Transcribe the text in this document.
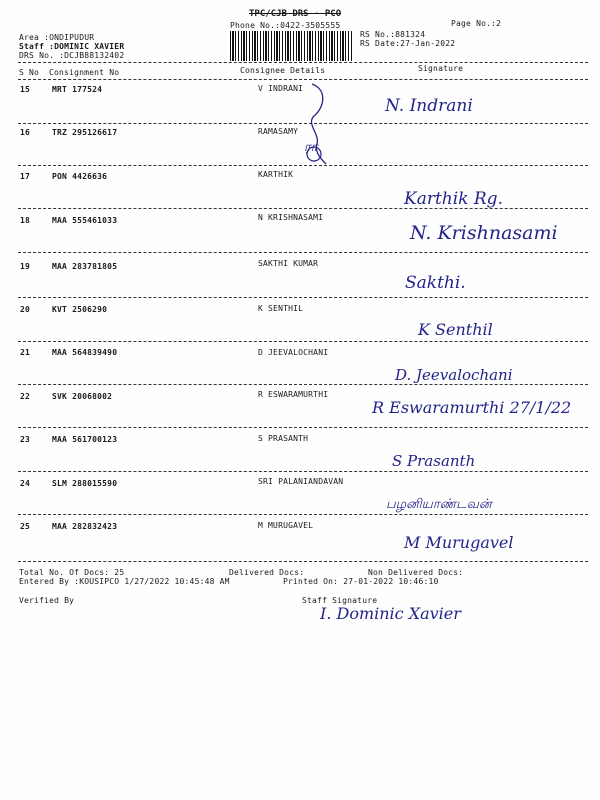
TPC/CJB DRS - PCO
Phone No.:0422-3505555	Page No.:2
Area :ONDIPUDUR
Staff :DOMINIC XAVIER
DRS No. :DCJB88132402
RS No.:881324
RS Date:27-Jan-2022
S No Consignment No	Consignee Details	Signature
15	MRT 177524	V INDRANI
N. Indrani
16	TRZ 295126617	RAMASAMY
ரா
17	PON 4426636	KARTHIK
Karthik Rg.
18	MAA 555461033	N KRISHNASAMI
N. Krishnasami
19	MAA 283781805	SAKTHI KUMAR
Sakthi.
20	KVT 2506290	K SENTHIL
K Senthil
21	MAA 564839490	D JEEVALOCHANI
D. Jeevalochani
22	SVK 20068002	R ESWARAMURTHI
R Eswaramurthi 27/1/22
23	MAA 561700123	S PRASANTH
S Prasanth
24	SLM 288015590	SRI PALANIANDAVAN
பழனியாண்டவன்
25	MAA 282832423	M MURUGAVEL
M Murugavel
Total No. Of Docs: 25	Delivered Docs:	Non Delivered Docs:
Entered By :KOUSIPCO 1/27/2022 10:45:48 AM	Printed On: 27-01-2022 10:46:10
Verified By	Staff Signature
I. Dominic Xavier
